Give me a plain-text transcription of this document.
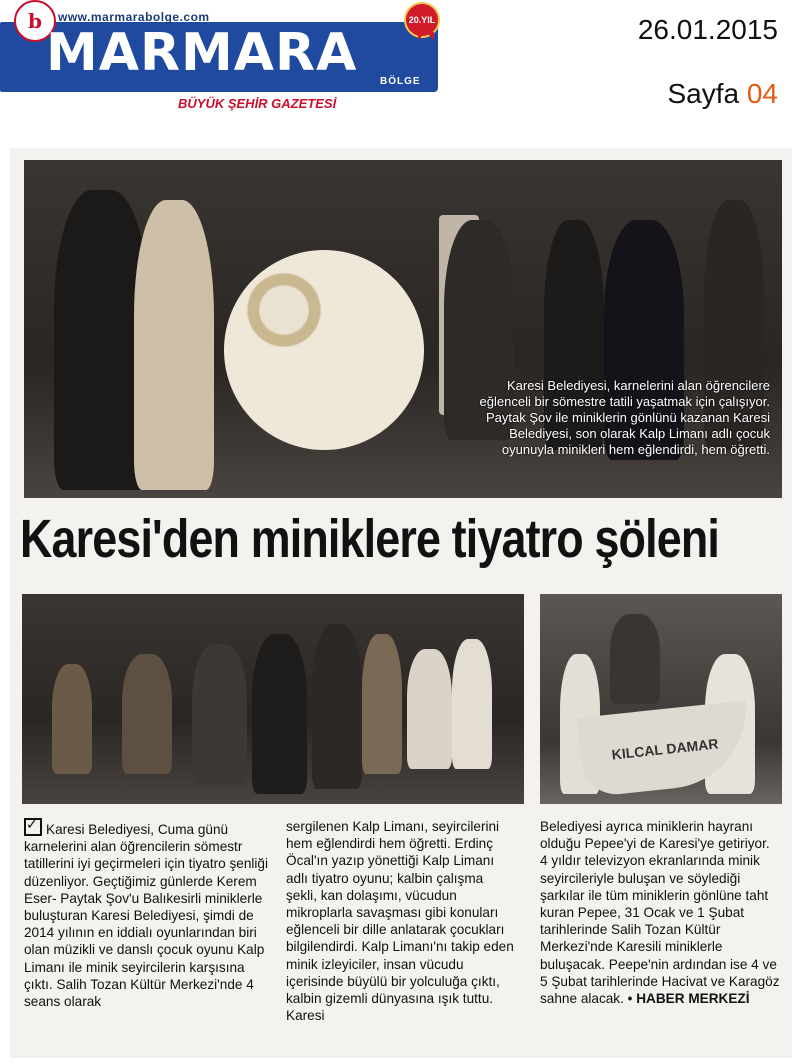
b www.marmarabolge.com
MARMARA BÖLGE
20.YIL
BÜYÜK ŞEHİR GAZETESİ
26.01.2015
Sayfa 04
Karesi Belediyesi, karnelerini alan öğrencilere eğlenceli bir sömestre tatili yaşatmak için çalışıyor. Paytak Şov ile miniklerin gönlünü kazanan Karesi Belediyesi, son olarak Kalp Limanı adlı çocuk oyunuyla minikleri hem eğlendirdi, hem öğretti.
Karesi'den miniklere tiyatro şöleni
KILCAL DAMAR
✓Karesi Belediyesi, Cuma günü karnelerini alan öğrencilerin sömestr tatillerini iyi geçirmeleri için tiyatro şenliği düzenliyor. Geçtiğimiz günlerde Kerem Eser- Paytak Şov'u Balıkesirli miniklerle buluşturan Karesi Belediyesi, şimdi de 2014 yılının en iddialı oyunlarından biri olan müzikli ve danslı çocuk oyunu Kalp Limanı ile minik seyircilerin karşısına çıktı. Salih Tozan Kültür Merkezi'nde 4 seans olarak
sergilenen Kalp Limanı, seyircilerini hem eğlendirdi hem öğretti. Erdinç Öcal'ın yazıp yönettiği Kalp Limanı adlı tiyatro oyunu; kalbin çalışma şekli, kan dolaşımı, vücudun mikroplarla savaşması gibi konuları eğlenceli bir dille anlatarak çocukları bilgilendirdi. Kalp Limanı'nı takip eden minik izleyiciler, insan vücudu içerisinde büyülü bir yolculuğa çıktı, kalbin gizemli dünyasına ışık tuttu. Karesi
Belediyesi ayrıca miniklerin hayranı olduğu Pepee'yi de Karesi'ye getiriyor. 4 yıldır televizyon ekranlarında minik seyircileriyle buluşan ve söylediği şarkılar ile tüm miniklerin gönlüne taht kuran Pepee, 31 Ocak ve 1 Şubat tarihlerinde Salih Tozan Kültür Merkezi'nde Karesili miniklerle buluşacak. Peepe'nin ardından ise 4 ve 5 Şubat tarihlerinde Hacivat ve Karagöz sahne alacak. • HABER MERKEZİ
